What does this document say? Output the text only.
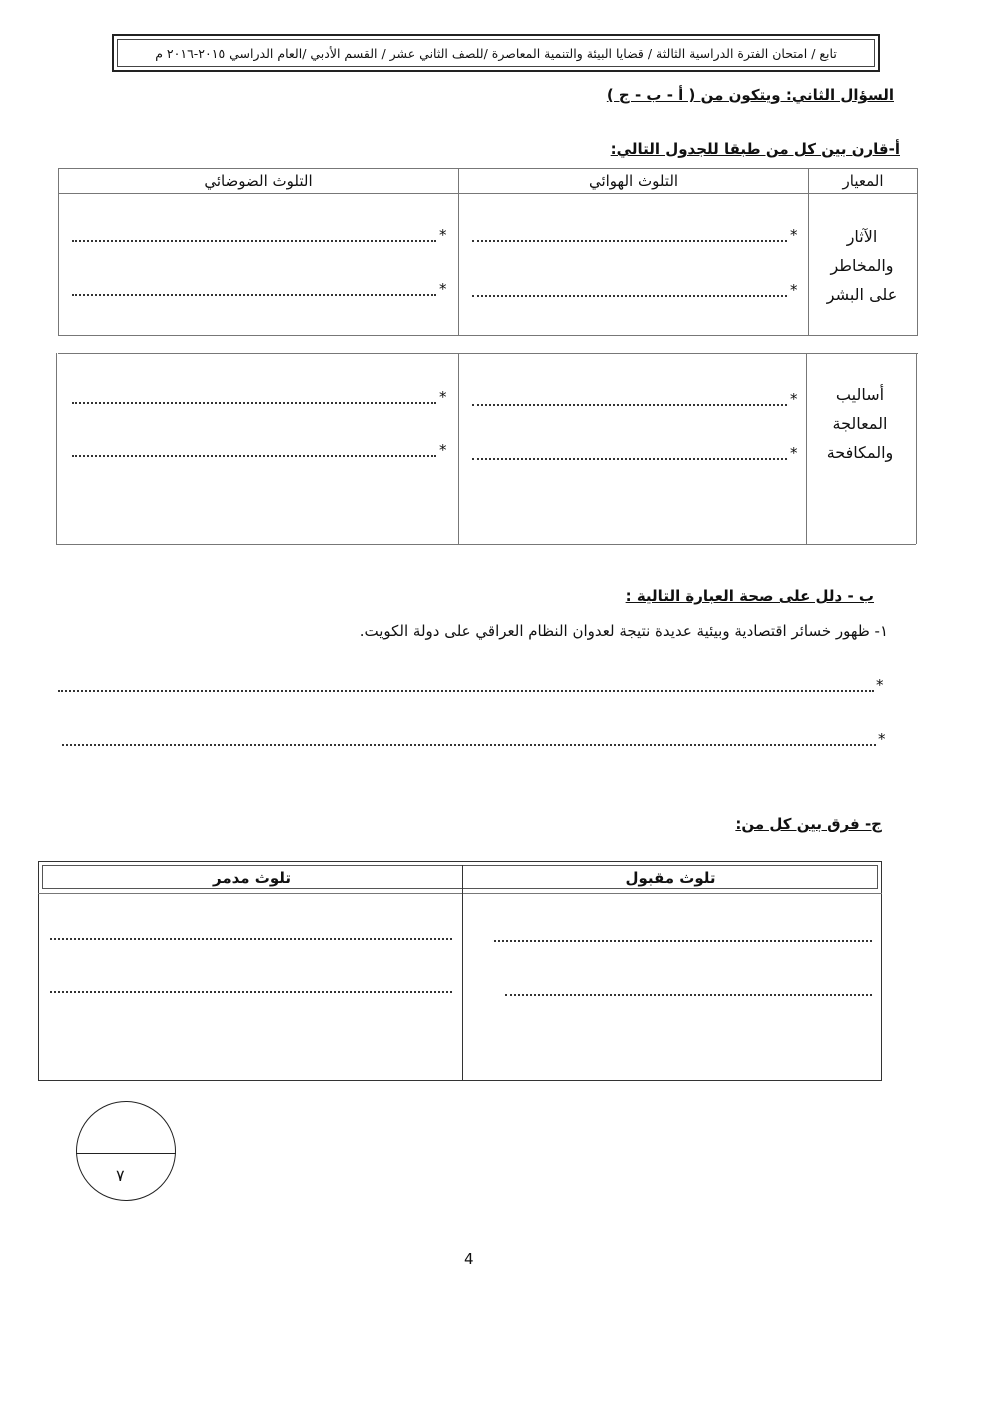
تابع / امتحان الفترة الدراسية الثالثة / قضايا البيئة والتنمية المعاصرة /للصف الثاني عشر / القسم الأدبي /العام الدراسي ٢٠١٥-٢٠١٦ م
السؤال الثاني: ويتكون من ( أ - ب - ج )
أ-قارن بين كل من طبقا للجدول التالي:
المعيار
التلوث الهوائي
التلوث الضوضائي
الآثار
والمخاطر
على البشر
*
*
*
*
أساليب
المعالجة
والمكافحة
*
*
*
*
ب - دلل على صحة العبارة التالية :
١- ظهور خسائر اقتصادية وبيئية عديدة نتيجة لعدوان النظام العراقي على دولة الكويت.
*
*
ج- فرق بين كل من:
تلوث مقبول
تلوث مدمر
٧
4
